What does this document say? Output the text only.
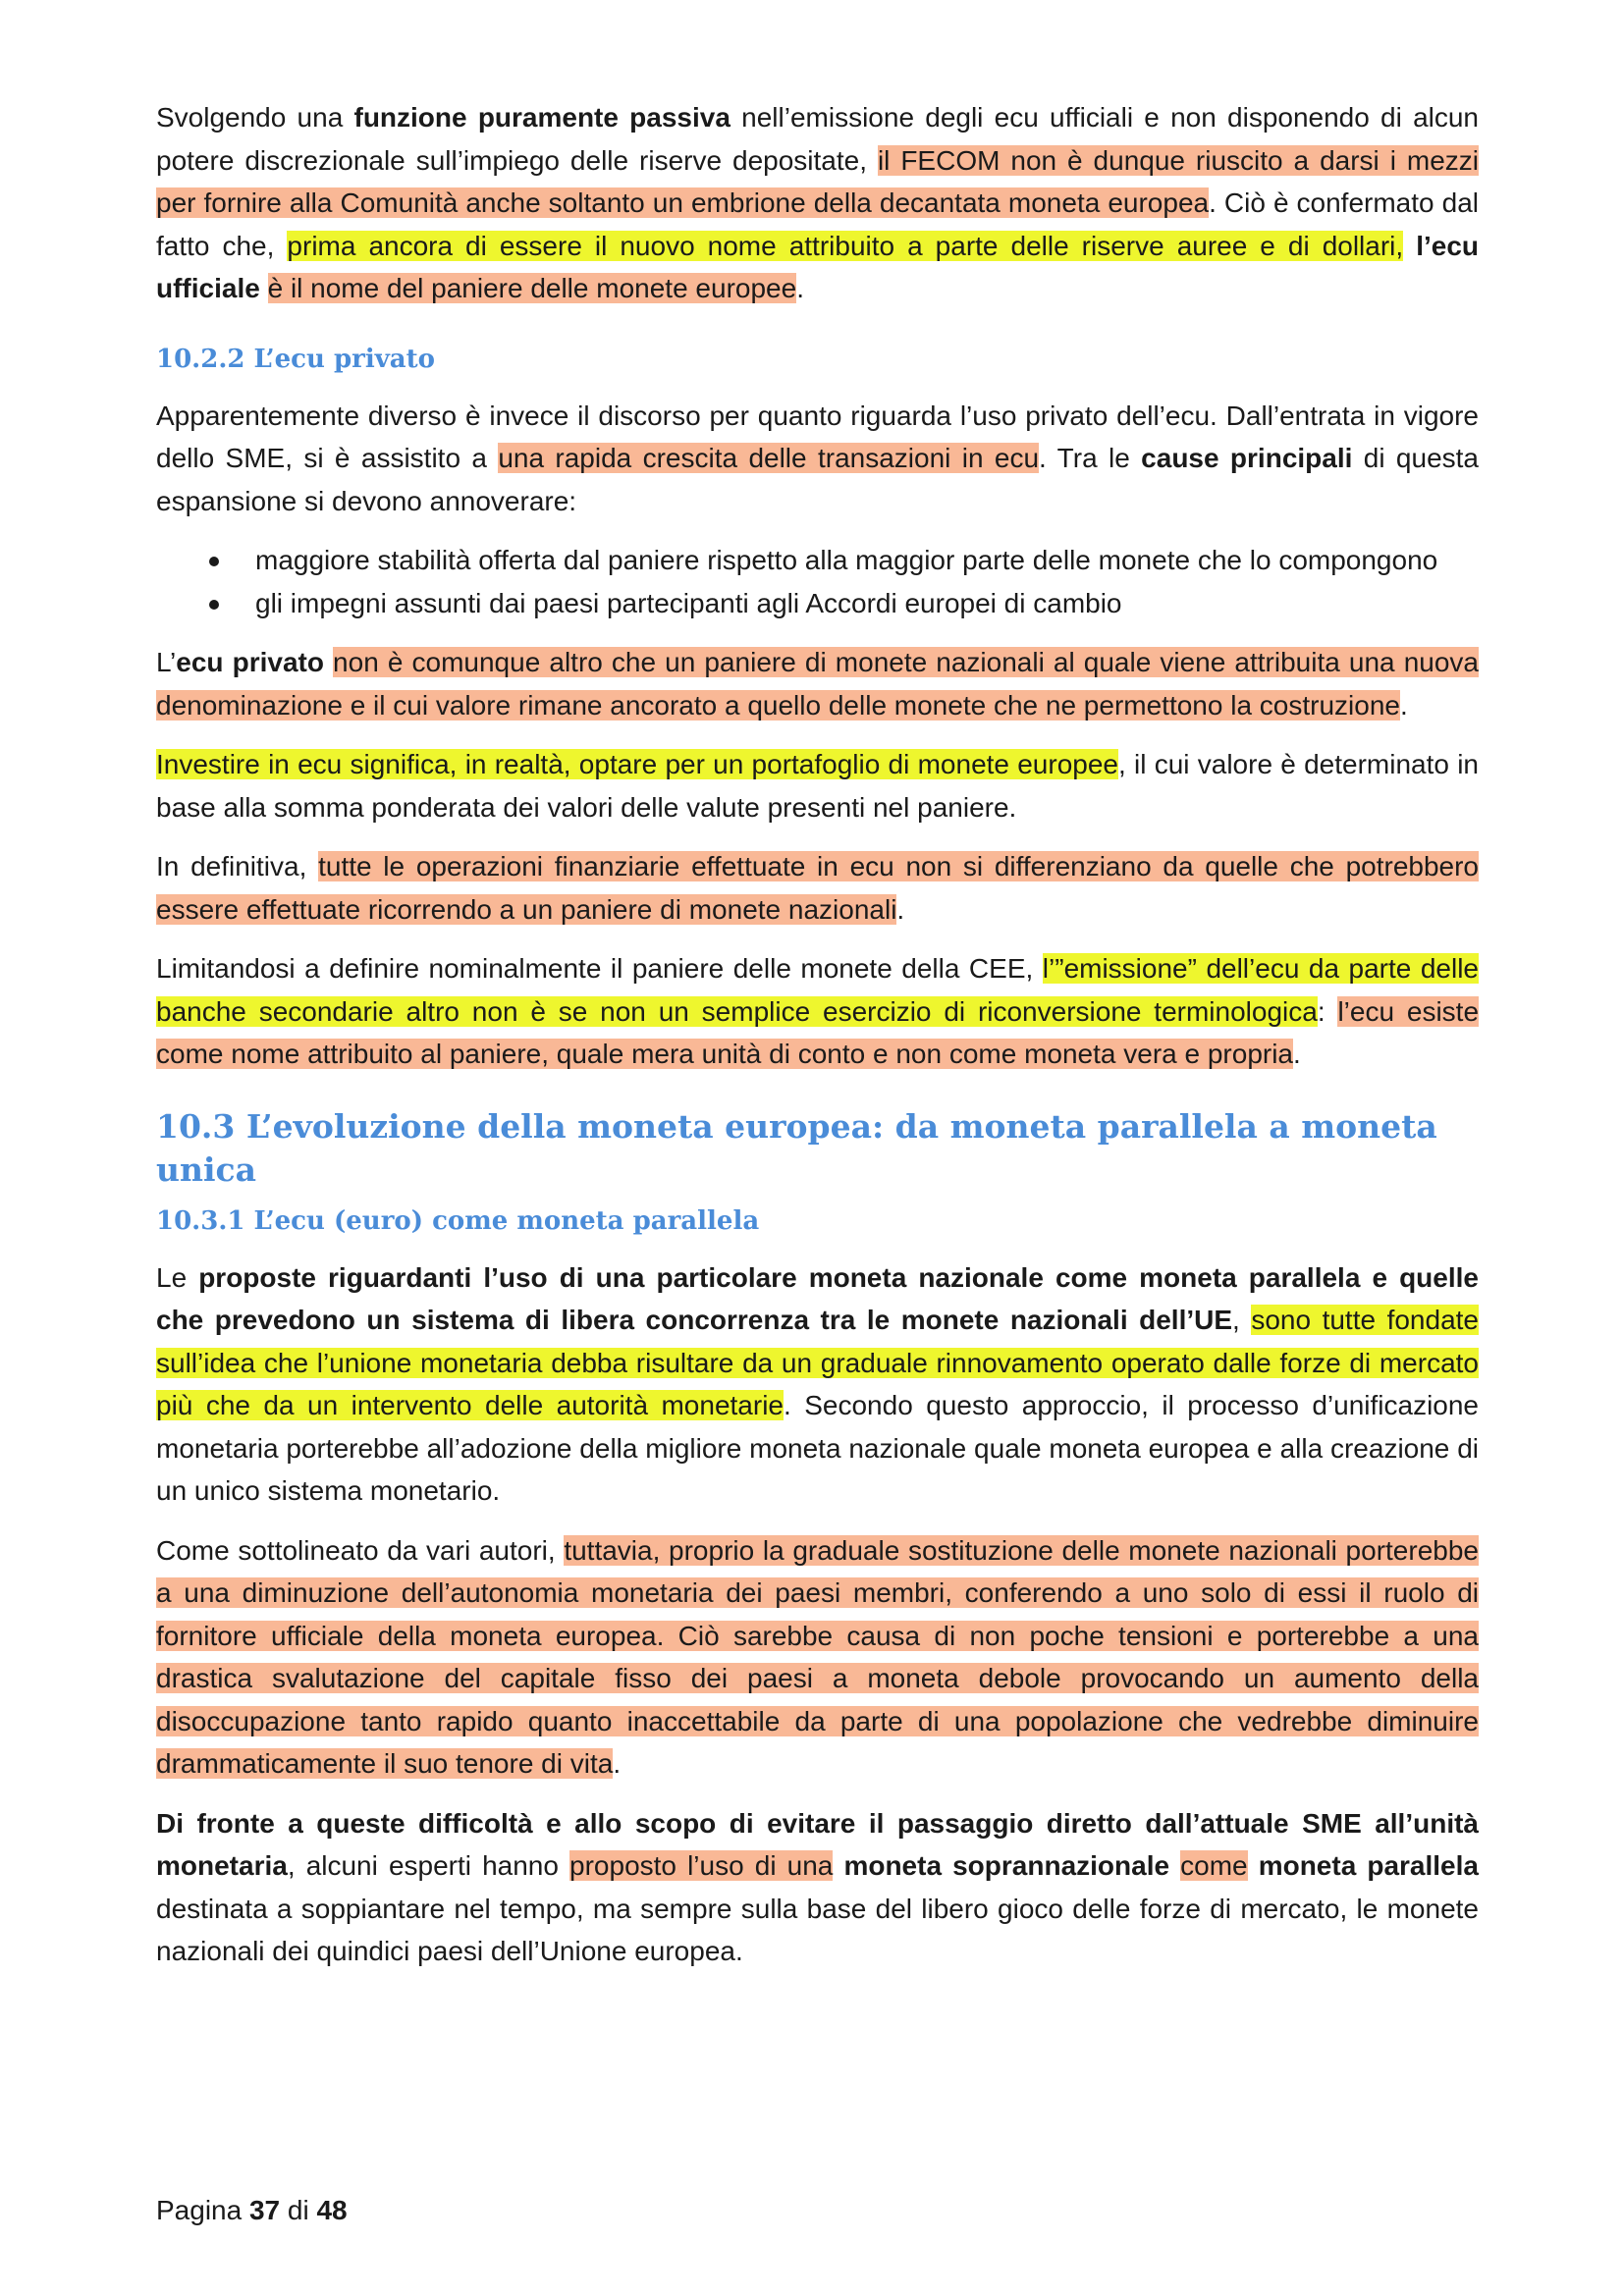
Svolgendo una funzione puramente passiva nell’emissione degli ecu ufficiali e non disponendo di alcun potere discrezionale sull’impiego delle riserve depositate, il FECOM non è dunque riuscito a darsi i mezzi per fornire alla Comunità anche soltanto un embrione della decantata moneta europea. Ciò è confermato dal fatto che, prima ancora di essere il nuovo nome attribuito a parte delle riserve auree e di dollari, l’ecu ufficiale è il nome del paniere delle monete europee.

10.2.2 L’ecu privato

Apparentemente diverso è invece il discorso per quanto riguarda l’uso privato dell’ecu. Dall’entrata in vigore dello SME, si è assistito a una rapida crescita delle transazioni in ecu. Tra le cause principali di questa espansione si devono annoverare:

maggiore stabilità offerta dal paniere rispetto alla maggior parte delle monete che lo compongono
gli impegni assunti dai paesi partecipanti agli Accordi europei di cambio

L’ecu privato non è comunque altro che un paniere di monete nazionali al quale viene attribuita una nuova denominazione e il cui valore rimane ancorato a quello delle monete che ne permettono la costruzione.

Investire in ecu significa, in realtà, optare per un portafoglio di monete europee, il cui valore è determinato in base alla somma ponderata dei valori delle valute presenti nel paniere.

In definitiva, tutte le operazioni finanziarie effettuate in ecu non si differenziano da quelle che potrebbero essere effettuate ricorrendo a un paniere di monete nazionali.

Limitandosi a definire nominalmente il paniere delle monete della CEE, l’”emissione” dell’ecu da parte delle banche secondarie altro non è se non un semplice esercizio di riconversione terminologica: l’ecu esiste come nome attribuito al paniere, quale mera unità di conto e non come moneta vera e propria.

10.3 L’evoluzione della moneta europea: da moneta parallela a moneta unica
10.3.1 L’ecu (euro) come moneta parallela

Le proposte riguardanti l’uso di una particolare moneta nazionale come moneta parallela e quelle che prevedono un sistema di libera concorrenza tra le monete nazionali dell’UE, sono tutte fondate sull’idea che l’unione monetaria debba risultare da un graduale rinnovamento operato dalle forze di mercato più che da un intervento delle autorità monetarie. Secondo questo approccio, il processo d’unificazione monetaria porterebbe all’adozione della migliore moneta nazionale quale moneta europea e alla creazione di un unico sistema monetario.

Come sottolineato da vari autori, tuttavia, proprio la graduale sostituzione delle monete nazionali porterebbe a una diminuzione dell’autonomia monetaria dei paesi membri, conferendo a uno solo di essi il ruolo di fornitore ufficiale della moneta europea. Ciò sarebbe causa di non poche tensioni e porterebbe a una drastica svalutazione del capitale fisso dei paesi a moneta debole provocando un aumento della disoccupazione tanto rapido quanto inaccettabile da parte di una popolazione che vedrebbe diminuire drammaticamente il suo tenore di vita.

Di fronte a queste difficoltà e allo scopo di evitare il passaggio diretto dall’attuale SME all’unità monetaria, alcuni esperti hanno proposto l’uso di una moneta soprannazionale come moneta parallela destinata a soppiantare nel tempo, ma sempre sulla base del libero gioco delle forze di mercato, le monete nazionali dei quindici paesi dell’Unione europea.

Pagina 37 di 48
